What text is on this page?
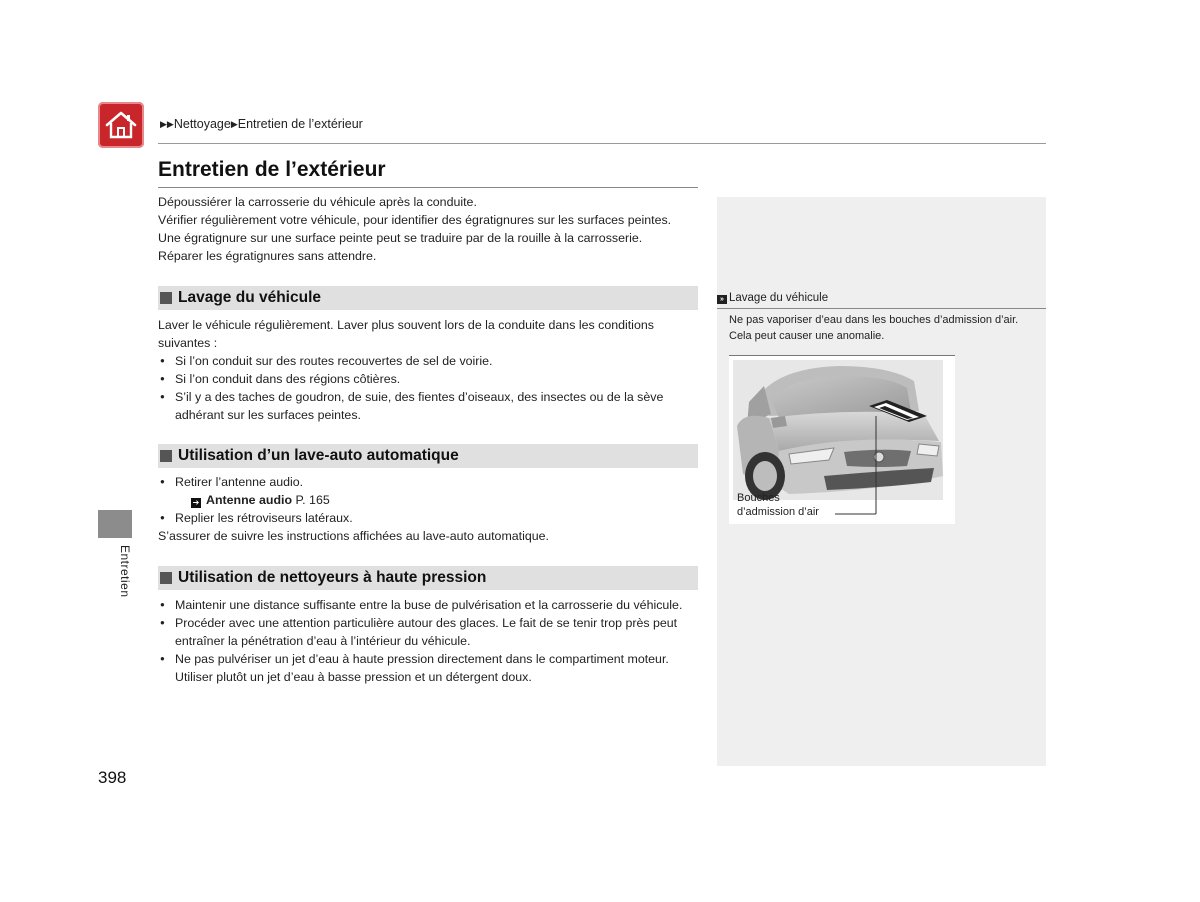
▶▶Nettoyage▶Entretien de l’extérieur
Entretien de l’extérieur
Dépoussiérer la carrosserie du véhicule après la conduite.
Vérifier régulièrement votre véhicule, pour identifier des égratignures sur les surfaces peintes.
Une égratignure sur une surface peinte peut se traduire par de la rouille à la carrosserie.
Réparer les égratignures sans attendre.
Lavage du véhicule
Laver le véhicule régulièrement. Laver plus souvent lors de la conduite dans les conditions suivantes :
● Si l’on conduit sur des routes recouvertes de sel de voirie.
● Si l’on conduit dans des régions côtières.
● S’il y a des taches de goudron, de suie, des fientes d’oiseaux, des insectes ou de la sève adhérant sur les surfaces peintes.
Utilisation d’un lave-auto automatique
● Retirer l’antenne audio.
➔ Antenne audio P. 165
● Replier les rétroviseurs latéraux.
S’assurer de suivre les instructions affichées au lave-auto automatique.
Utilisation de nettoyeurs à haute pression
● Maintenir une distance suffisante entre la buse de pulvérisation et la carrosserie du véhicule.
● Procéder avec une attention particulière autour des glaces. Le fait de se tenir trop près peut entraîner la pénétration d’eau à l’intérieur du véhicule.
● Ne pas pulvériser un jet d’eau à haute pression directement dans le compartiment moteur. Utiliser plutôt un jet d’eau à basse pression et un détergent doux.
Entretien
398
» Lavage du véhicule
Ne pas vaporiser d’eau dans les bouches d’admission d’air.
Cela peut causer une anomalie.
Bouches
d’admission d’air
